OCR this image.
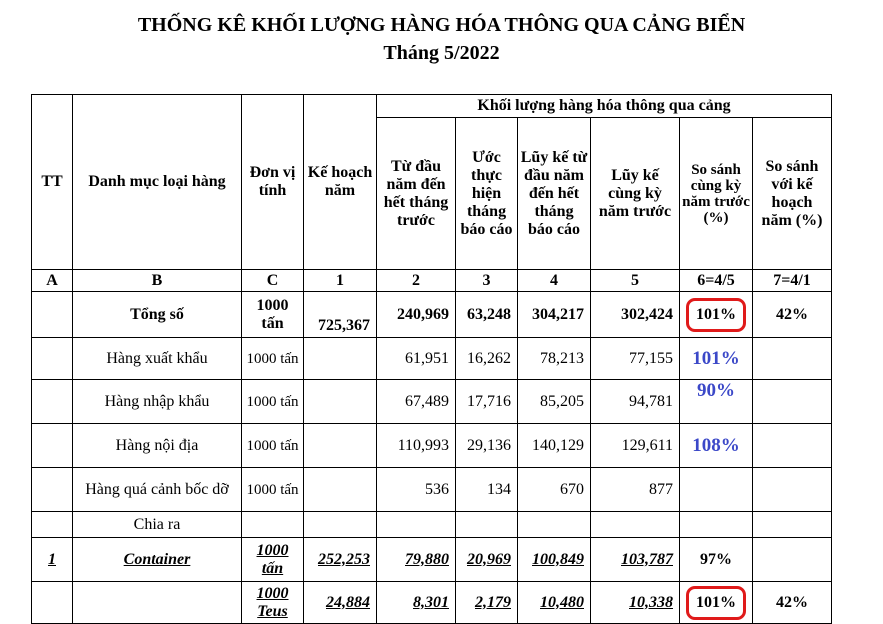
THỐNG KÊ KHỐI LƯỢNG HÀNG HÓA THÔNG QUA CẢNG BIỂN
Tháng 5/2022
TT	Danh mục loại hàng	Đơn vị tính	Kế hoạch năm	Khối lượng hàng hóa thông qua cảng					
				Từ đầu năm đến hết tháng trước	Ước thực hiện tháng báo cáo	Lũy kế từ đầu năm đến hết tháng báo cáo	Lũy kế cùng kỳ năm trước	So sánh cùng kỳ năm trước (%)	So sánh với kế hoạch năm (%)
A	B	C	1	2	3	4	5	6=4/5	7=4/1
	Tổng số	1000 tấn	725,367	240,969	63,248	304,217	302,424	101%	42%
	Hàng xuất khẩu	1000 tấn		61,951	16,262	78,213	77,155	101%	
	Hàng nhập khẩu	1000 tấn		67,489	17,716	85,205	94,781	90%	
	Hàng nội địa	1000 tấn		110,993	29,136	140,129	129,611	108%	
	Hàng quá cảnh bốc dỡ	1000 tấn		536	134	670	877		
	Chia ra								
1	Container	1000 tấn	252,253	79,880	20,969	100,849	103,787	97%	
		1000 Teus	24,884	8,301	2,179	10,480	10,338	101%	42%
